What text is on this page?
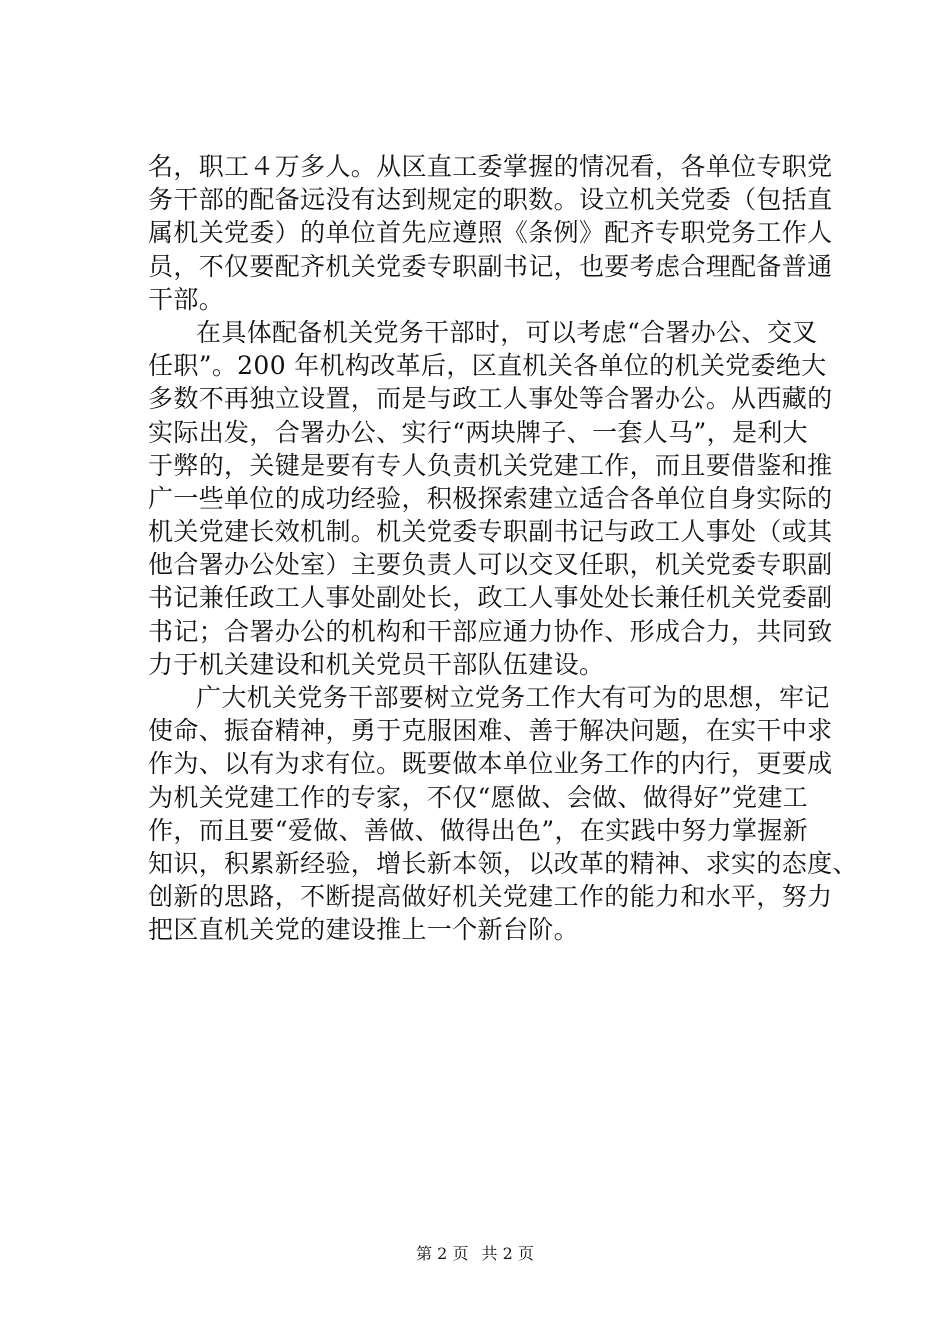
名，职工４万多人。从区直工委掌握的情况看，各单位专职党
务干部的配备远没有达到规定的职数。设立机关党委（包括直
属机关党委）的单位首先应遵照《条例》配齐专职党务工作人
员，不仅要配齐机关党委专职副书记，也要考虑合理配备普通
干部。
在具体配备机关党务干部时，可以考虑“合署办公、交叉
任职”。200 年机构改革后，区直机关各单位的机关党委绝大
多数不再独立设置，而是与政工人事处等合署办公。从西藏的
实际出发，合署办公、实行“两块牌子、一套人马”，是利大
于弊的，关键是要有专人负责机关党建工作，而且要借鉴和推
广一些单位的成功经验，积极探索建立适合各单位自身实际的
机关党建长效机制。机关党委专职副书记与政工人事处（或其
他合署办公处室）主要负责人可以交叉任职，机关党委专职副
书记兼任政工人事处副处长，政工人事处处长兼任机关党委副
书记；合署办公的机构和干部应通力协作、形成合力，共同致
力于机关建设和机关党员干部队伍建设。
广大机关党务干部要树立党务工作大有可为的思想，牢记
使命、振奋精神，勇于克服困难、善于解决问题，在实干中求
作为、以有为求有位。既要做本单位业务工作的内行，更要成
为机关党建工作的专家，不仅“愿做、会做、做得好”党建工
作，而且要“爱做、善做、做得出色”，在实践中努力掌握新
知识，积累新经验，增长新本领，以改革的精神、求实的态度、
创新的思路，不断提高做好机关党建工作的能力和水平，努力
把区直机关党的建设推上一个新台阶。
第 2 页 共 2 页
